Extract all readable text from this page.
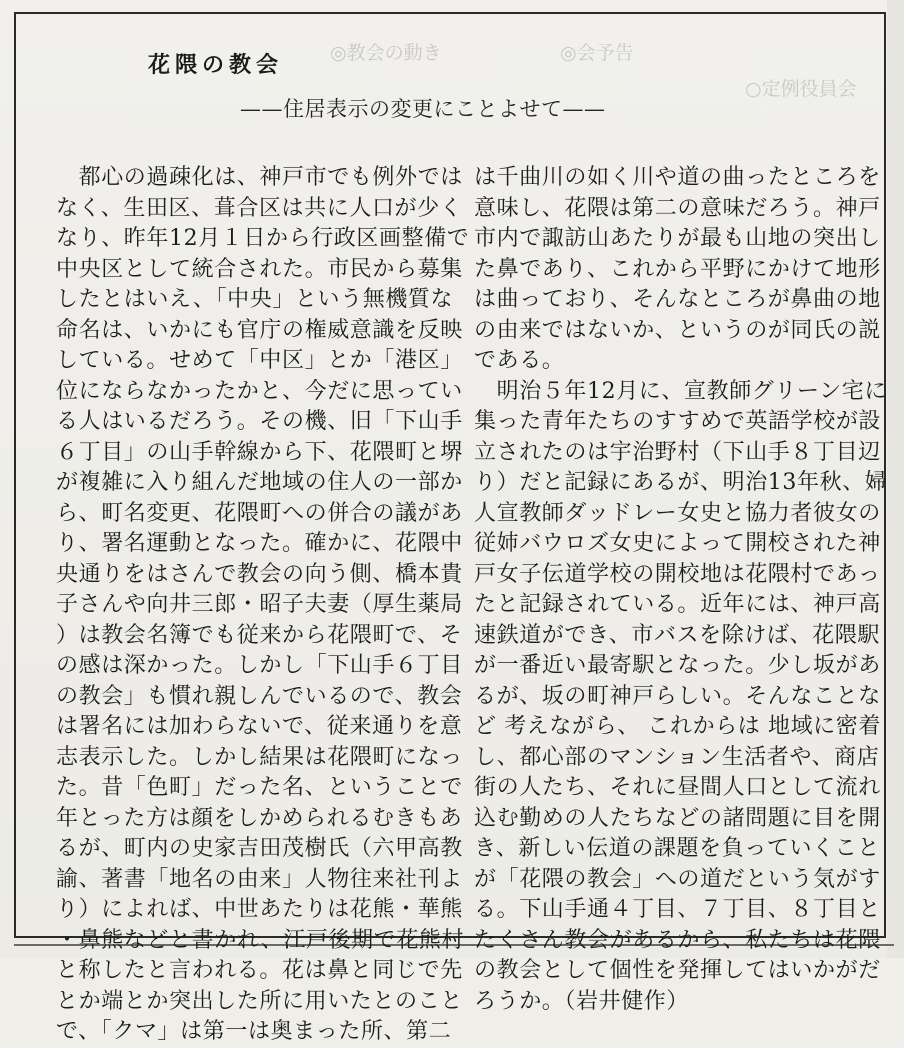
◎教会の動き	◎会予告
○定例役員会
花隈の教会
——住居表示の変更にことよせて——
　都心の過疎化は、神戸市でも例外では
なく、生田区、葺合区は共に人口が少く
なり、昨年12月１日から行政区画整備で
中央区として統合された。市民から募集
したとはいえ、「中央」という無機質な
命名は、いかにも官庁の権威意識を反映
している。せめて「中区」とか「港区」
位にならなかったかと、今だに思ってい
る人はいるだろう。その機、旧「下山手
６丁目」の山手幹線から下、花隈町と堺
が複雑に入り組んだ地域の住人の一部か
ら、町名変更、花隈町への併合の議があ
り、署名運動となった。確かに、花隈中
央通りをはさんで教会の向う側、橋本貴
子さんや向井三郎・昭子夫妻（厚生薬局
）は教会名簿でも従来から花隈町で、そ
の感は深かった。しかし「下山手６丁目
の教会」も慣れ親しんでいるので、教会
は署名には加わらないで、従来通りを意
志表示した。しかし結果は花隈町になっ
た。昔「色町」だった名、ということで
年とった方は顔をしかめられるむきもあ
るが、町内の史家吉田茂樹氏（六甲高教
諭、著書「地名の由来」人物往来社刊よ
り）によれば、中世あたりは花熊・華熊
・鼻熊などと書かれ、江戸後期で花熊村
と称したと言われる。花は鼻と同じで先
とか端とか突出した所に用いたとのこと
で、「クマ」は第一は奥まった所、第二
は千曲川の如く川や道の曲ったところを
意味し、花隈は第二の意味だろう。神戸
市内で諏訪山あたりが最も山地の突出し
た鼻であり、これから平野にかけて地形
は曲っており、そんなところが鼻曲の地
の由来ではないか、というのが同氏の説
である。
　明治５年12月に、宣教師グリーン宅に
集った青年たちのすすめで英語学校が設
立されたのは宇治野村（下山手８丁目辺
り）だと記録にあるが、明治13年秋、婦
人宣教師ダッドレー女史と協力者彼女の
従姉バウロズ女史によって開校された神
戸女子伝道学校の開校地は花隈村であっ
たと記録されている。近年には、神戸高
速鉄道ができ、市バスを除けば、花隈駅
が一番近い最寄駅となった。少し坂があ
るが、坂の町神戸らしい。そんなことな
ど 考えながら、 これからは 地域に密着
し、都心部のマンション生活者や、商店
街の人たち、それに昼間人口として流れ
込む勤めの人たちなどの諸問題に目を開
き、新しい伝道の課題を負っていくこと
が「花隈の教会」への道だという気がす
る。下山手通４丁目、７丁目、８丁目と
たくさん教会があるから、私たちは花隈
の教会として個性を発揮してはいかがだ
ろうか。（岩井健作）
